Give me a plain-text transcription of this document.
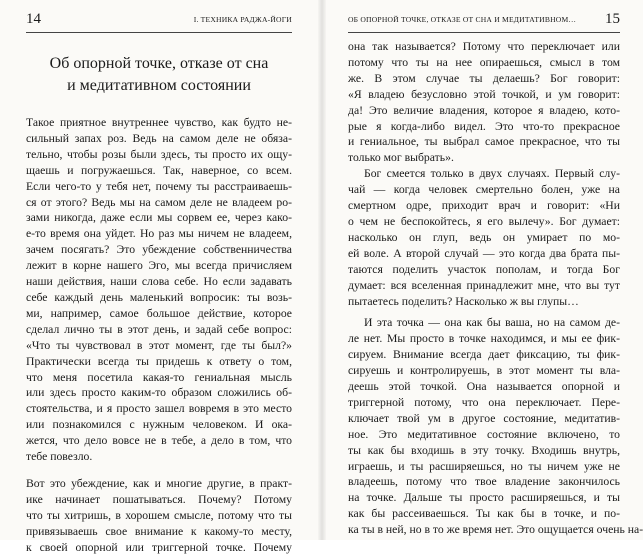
14	I. ТЕХНИКА РАДЖА-ЙОГИ
Об опорной точке, отказе от сна
и медитативном состоянии
Такое приятное внутреннее чувство, как будто не-
сильный запах роз. Ведь на самом деле не обяза-
тельно, чтобы розы были здесь, ты просто их ощу-
щаешь и погружаешься. Так, наверное, со всем.
Если чего-то у тебя нет, почему ты расстраиваешь-
ся от этого? Ведь мы на самом деле не владеем ро-
зами никогда, даже если мы сорвем ее, через како-
е-то время она уйдет. Но раз мы ничем не владеем,
зачем посягать? Это убеждение собственничества
лежит в корне нашего Эго, мы всегда причисляем
наши действия, наши слова себе. Но если задавать
себе каждый день маленький вопросик: ты возь-
ми, например, самое большое действие, которое
сделал лично ты в этот день, и задай себе вопрос:
«Что ты чувствовал в этот момент, где ты был?»
Практически всегда ты придешь к ответу о том,
что меня посетила какая-то гениальная мысль
или здесь просто каким-то образом сложились об-
стоятельства, и я просто зашел вовремя в это место
или познакомился с нужным человеком. И ока-
жется, что дело вовсе не в тебе, а дело в том, что
тебе повезло.
Вот это убеждение, как и многие другие, в практ-
ике начинает пошатываться. Почему? Потому
что ты хитришь, в хорошем смысле, потому что ты
привязываешь свое внимание к какому-то месту,
к своей опорной или триггерной точке. Почему
ОБ ОПОРНОЙ ТОЧКЕ, ОТКАЗЕ ОТ СНА И МЕДИТАТИВНОМ… 15
она так называется? Потому что переключает или
потому что ты на нее опираешься, смысл в том
же. В этом случае ты делаешь? Бог говорит:
«Я владею безусловно этой точкой, и ум говорит:
да! Это величие владения, которое я владею, кото-
рые я когда-либо видел. Это что-то прекрасное
и гениальное, ты выбрал самое прекрасное, что ты
только мог выбрать».
Бог смеется только в двух случаях. Первый слу-
чай — когда человек смертельно болен, уже на
смертном одре, приходит врач и говорит: «Ни
о чем не беспокойтесь, я его вылечу». Бог думает:
насколько он глуп, ведь он умирает по мо-
ей воле. А второй случай — это когда два брата пы-
таются поделить участок пополам, и тогда Бог
думает: вся вселенная принадлежит мне, что вы тут
пытаетесь поделить? Насколько ж вы глупы…
И эта точка — она как бы ваша, но на самом де-
ле нет. Мы просто в точке находимся, и мы ее фик-
сируем. Внимание всегда дает фиксацию, ты фик-
сируешь и контролируешь, в этот момент ты вла-
деешь этой точкой. Она называется опорной и
триггерной потому, что она переключает. Пере-
ключает твой ум в другое состояние, медитатив-
ное. Это медитативное состояние включено, то
ты как бы входишь в эту точку. Входишь внутрь,
играешь, и ты расширяешься, но ты ничем уже не
владеешь, потому что твое владение закончилось
на точке. Дальше ты просто расширяешься, и ты
как бы рассеиваешься. Ты как бы в точке, и по-
ка ты в ней, но в то же время нет. Это ощущается очень на-
